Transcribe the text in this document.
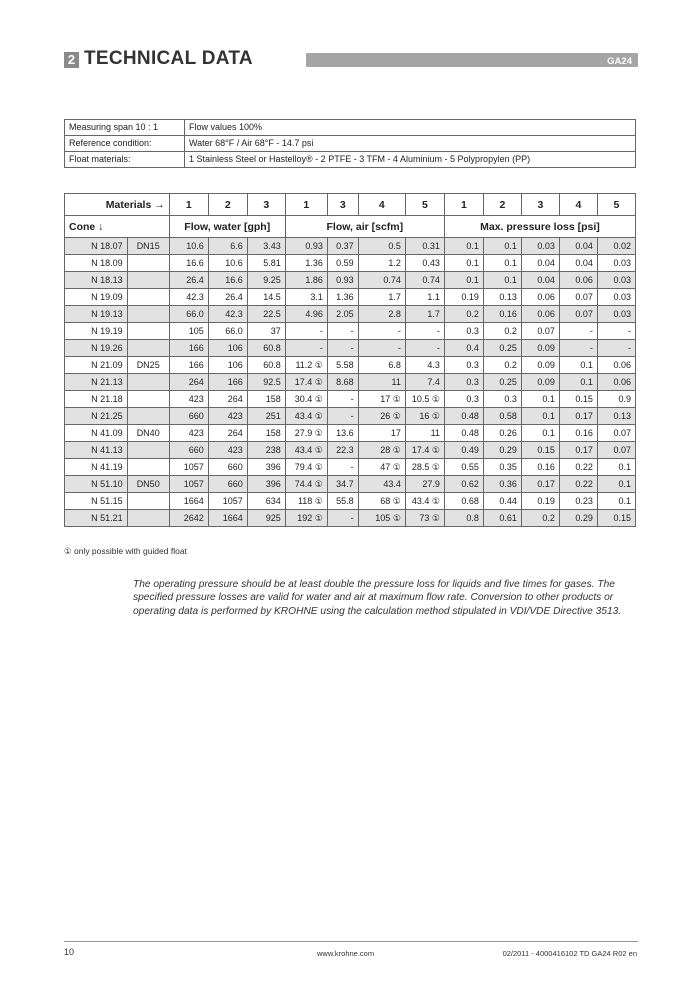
2 TECHNICAL DATA	GA24
Measuring span 10 : 1	Flow values 100%
Reference condition:	Water 68°F / Air 68°F - 14.7 psi
Float materials:	1 Stainless Steel or Hastelloy® - 2 PTFE - 3 TFM - 4 Aluminium - 5 Polypropylen (PP)
Materials →		1	2	3	1	3	4	5	1	2	3	4	5
Cone ↓		Flow, water [gph]			Flow, air [scfm]				Max. pressure loss [psi]				
N 18.07	DN15	10.6	6.6	3.43	0.93	0.37	0.5	0.31	0.1	0.1	0.03	0.04	0.02
N 18.09		16.6	10.6	5.81	1.36	0.59	1.2	0.43	0.1	0.1	0.04	0.04	0.03
N 18.13		26.4	16.6	9.25	1.86	0.93	0.74	0.74	0.1	0.1	0.04	0.06	0.03
N 19.09		42.3	26.4	14.5	3.1	1.36	1.7	1.1	0.19	0.13	0.06	0.07	0.03
N 19.13		66.0	42.3	22.5	4.96	2.05	2.8	1.7	0.2	0.16	0.06	0.07	0.03
N 19.19		105	66.0	37	-	-	-	-	0.3	0.2	0.07	-	-
N 19.26		166	106	60.8	-	-	-	-	0.4	0.25	0.09	-	-
N 21.09	DN25	166	106	60.8	11.2 ①	5.58	6.8	4.3	0.3	0.2	0.09	0.1	0.06
N 21.13		264	166	92.5	17.4 ①	8.68	11	7.4	0.3	0.25	0.09	0.1	0.06
N 21.18		423	264	158	30.4 ①	-	17 ①	10.5 ①	0.3	0.3	0.1	0.15	0.9
N 21.25		660	423	251	43.4 ①	-	26 ①	16 ①	0.48	0.58	0.1	0.17	0.13
N 41.09	DN40	423	264	158	27.9 ①	13.6	17	11	0.48	0.26	0.1	0.16	0.07
N 41.13		660	423	238	43.4 ①	22.3	28 ①	17.4 ①	0.49	0.29	0.15	0.17	0.07
N 41.19		1057	660	396	79.4 ①	-	47 ①	28.5 ①	0.55	0.35	0.16	0.22	0.1
N 51.10	DN50	1057	660	396	74.4 ①	34.7	43.4	27.9	0.62	0.36	0.17	0.22	0.1
N 51.15		1664	1057	634	118 ①	55.8	68 ①	43.4 ①	0.68	0.44	0.19	0.23	0.1
N 51.21		2642	1664	925	192 ①	-	105 ①	73 ①	0.8	0.61	0.2	0.29	0.15
① only possible with guided float
The operating pressure should be at least double the pressure loss for liquids and five times for gases. The specified pressure losses are valid for water and air at maximum flow rate. Conversion to other products or operating data is performed by KROHNE using the calculation method stipulated in VDI/VDE Directive 3513.
10	www.krohne.com	02/2011 - 4000416102 TD GA24 R02 en
